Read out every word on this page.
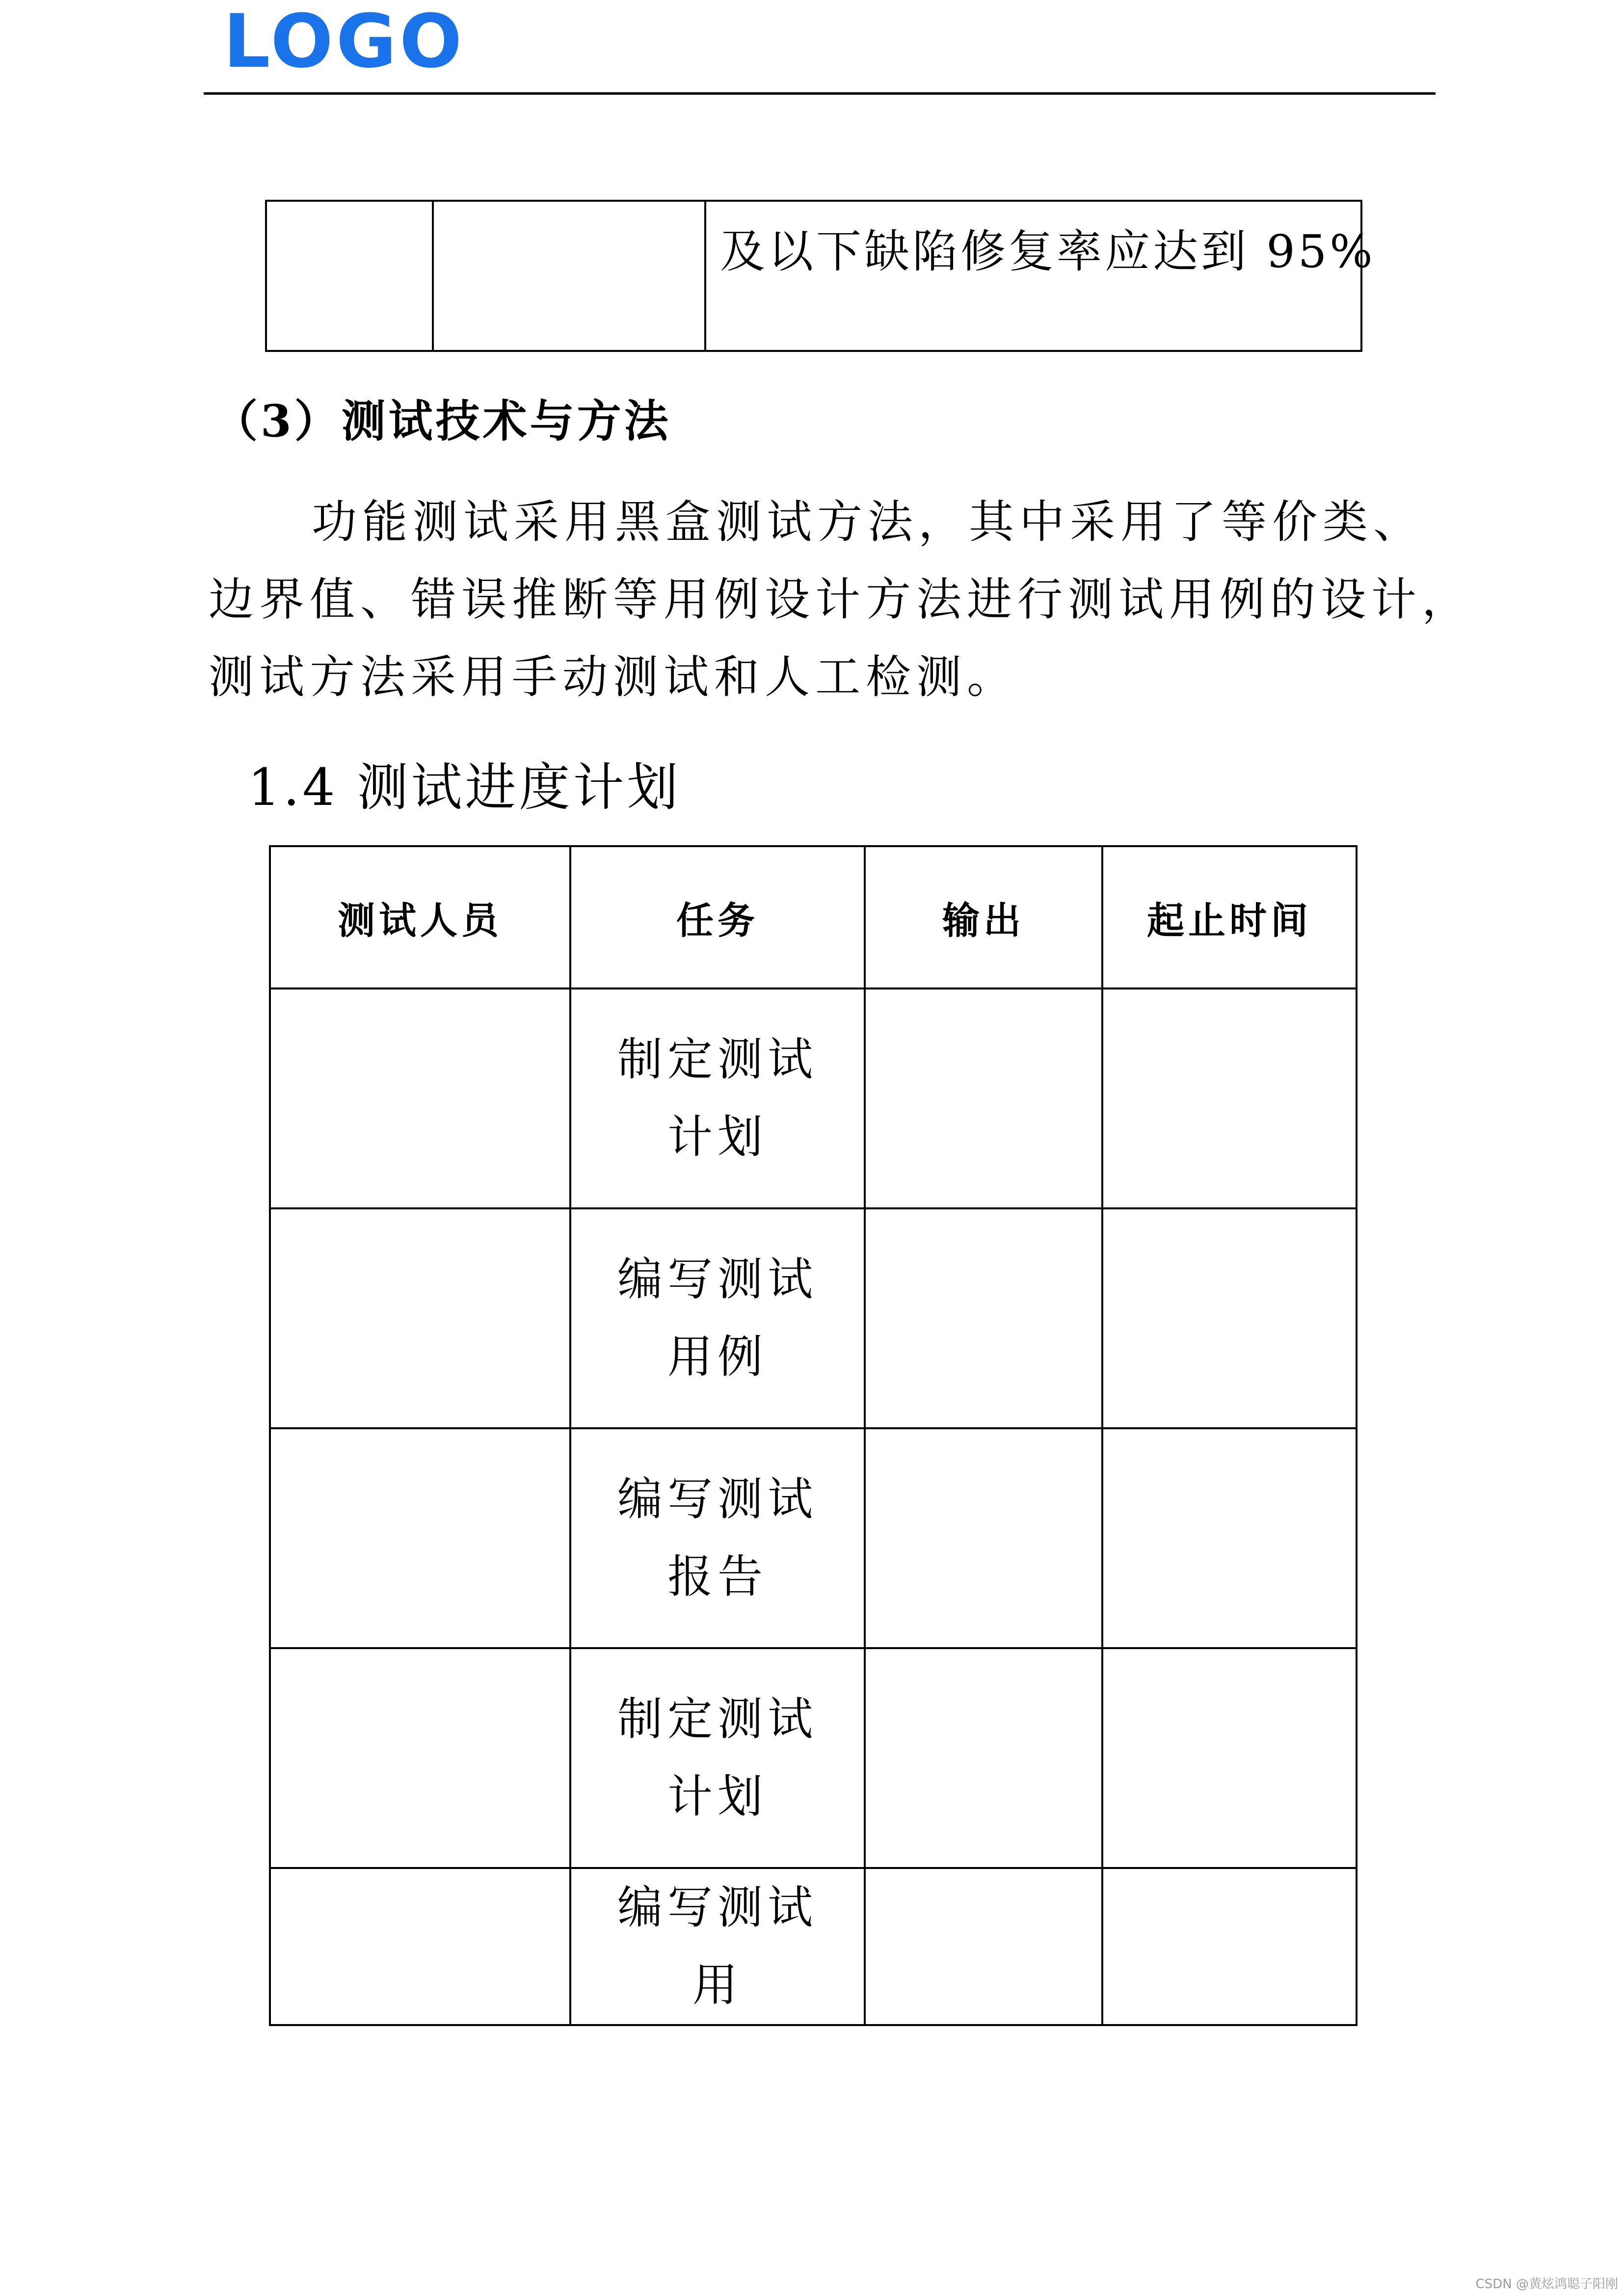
LOGO

及以下缺陷修复率应达到 95%
（3）测试技术与方法

功能测试采用黑盒测试方法，其中采用了等价类、

边界值、错误推断等用例设计方法进行测试用例的设计，

测试方法采用手动测试和人工检测。

1.4 测试进度计划
测试人员	任务	输出	起止时间

	制定测试计划		

	编写测试用例		

	编写测试报告		

	制定测试计划		

	编写测试用		

CSDN @黄炫鸿聪子阳刚
